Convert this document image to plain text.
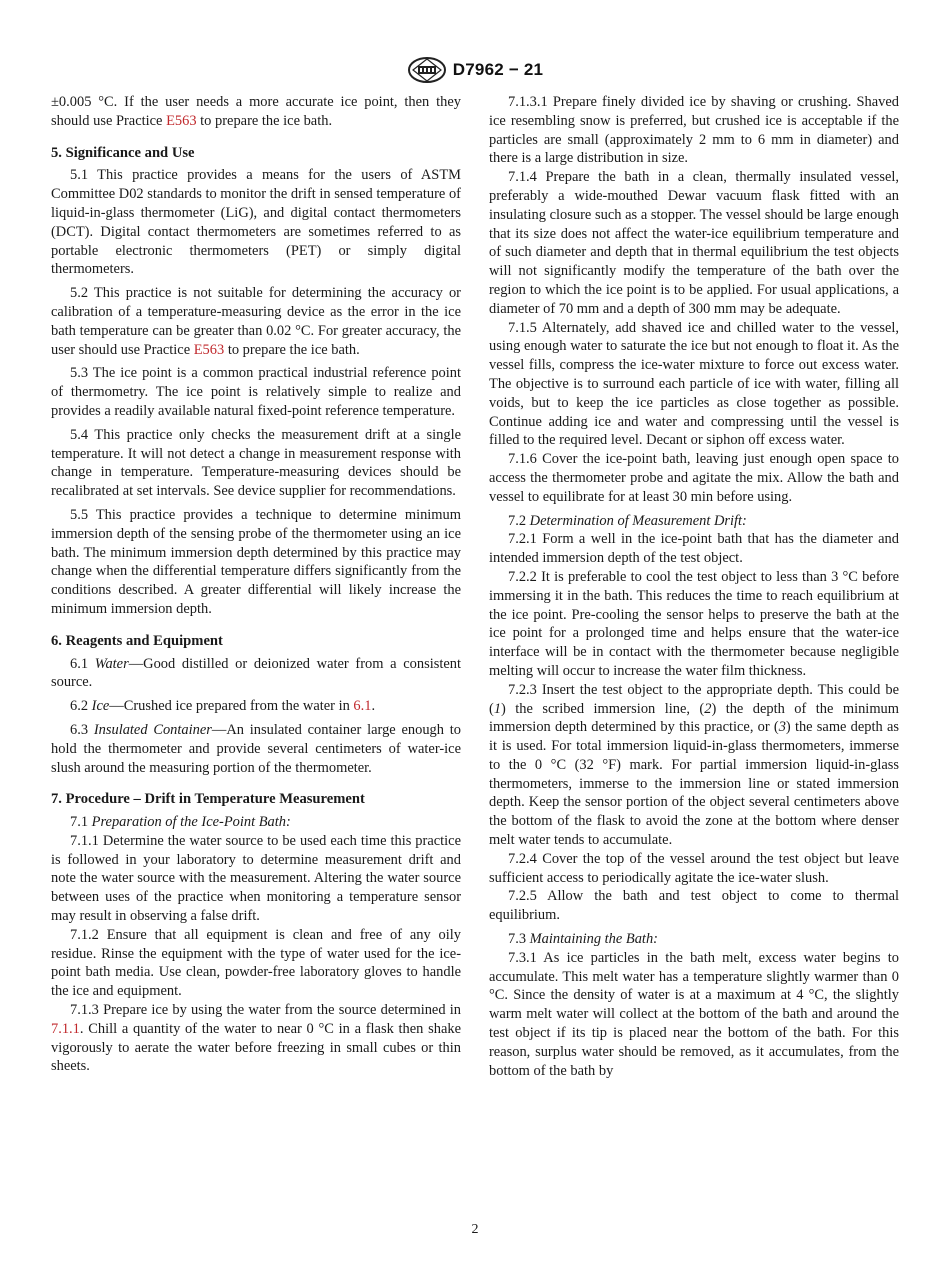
D7962 − 21

±0.005 °C. If the user needs a more accurate ice point, then they should use Practice E563 to prepare the ice bath.

5. Significance and Use

5.1 This practice provides a means for the users of ASTM Committee D02 standards to monitor the drift in sensed temperature of liquid-in-glass thermometer (LiG), and digital contact thermometers (DCT). Digital contact thermometers are sometimes referred to as portable electronic thermometers (PET) or simply digital thermometers.

5.2 This practice is not suitable for determining the accuracy or calibration of a temperature-measuring device as the error in the ice bath temperature can be greater than 0.02 °C. For greater accuracy, the user should use Practice E563 to prepare the ice bath.

5.3 The ice point is a common practical industrial reference point of thermometry. The ice point is relatively simple to realize and provides a readily available natural fixed-point reference temperature.

5.4 This practice only checks the measurement drift at a single temperature. It will not detect a change in measurement response with change in temperature. Temperature-measuring devices should be recalibrated at set intervals. See device supplier for recommendations.

5.5 This practice provides a technique to determine minimum immersion depth of the sensing probe of the thermometer using an ice bath. The minimum immersion depth determined by this practice may change when the differential temperature differs significantly from the conditions described. A greater differential will likely increase the minimum immersion depth.

6. Reagents and Equipment

6.1 Water—Good distilled or deionized water from a consistent source.

6.2 Ice—Crushed ice prepared from the water in 6.1.

6.3 Insulated Container—An insulated container large enough to hold the thermometer and provide several centimeters of water-ice slush around the measuring portion of the thermometer.

7. Procedure – Drift in Temperature Measurement

7.1 Preparation of the Ice-Point Bath:

7.1.1 Determine the water source to be used each time this practice is followed in your laboratory to determine measurement drift and note the water source with the measurement. Altering the water source between uses of the practice when monitoring a temperature sensor may result in observing a false drift.

7.1.2 Ensure that all equipment is clean and free of any oily residue. Rinse the equipment with the type of water used for the ice-point bath media. Use clean, powder-free laboratory gloves to handle the ice and equipment.

7.1.3 Prepare ice by using the water from the source determined in 7.1.1. Chill a quantity of the water to near 0 °C in a flask then shake vigorously to aerate the water before freezing in small cubes or thin sheets.

7.1.3.1 Prepare finely divided ice by shaving or crushing. Shaved ice resembling snow is preferred, but crushed ice is acceptable if the particles are small (approximately 2 mm to 6 mm in diameter) and there is a large distribution in size.

7.1.4 Prepare the bath in a clean, thermally insulated vessel, preferably a wide-mouthed Dewar vacuum flask fitted with an insulating closure such as a stopper. The vessel should be large enough that its size does not affect the water-ice equilibrium temperature and of such diameter and depth that in thermal equilibrium the test objects will not significantly modify the temperature of the bath over the region to which the ice point is to be applied. For usual applications, a diameter of 70 mm and a depth of 300 mm may be adequate.

7.1.5 Alternately, add shaved ice and chilled water to the vessel, using enough water to saturate the ice but not enough to float it. As the vessel fills, compress the ice-water mixture to force out excess water. The objective is to surround each particle of ice with water, filling all voids, but to keep the ice particles as close together as possible. Continue adding ice and water and compressing until the vessel is filled to the required level. Decant or siphon off excess water.

7.1.6 Cover the ice-point bath, leaving just enough open space to access the thermometer probe and agitate the mix. Allow the bath and vessel to equilibrate for at least 30 min before using.

7.2 Determination of Measurement Drift:

7.2.1 Form a well in the ice-point bath that has the diameter and intended immersion depth of the test object.

7.2.2 It is preferable to cool the test object to less than 3 °C before immersing it in the bath. This reduces the time to reach equilibrium at the ice point. Pre-cooling the sensor helps to preserve the bath at the ice point for a prolonged time and helps ensure that the water-ice interface will be in contact with the thermometer because negligible melting will occur to increase the water film thickness.

7.2.3 Insert the test object to the appropriate depth. This could be (1) the scribed immersion line, (2) the depth of the minimum immersion depth determined by this practice, or (3) the same depth as it is used. For total immersion liquid-in-glass thermometers, immerse to the 0 °C (32 °F) mark. For partial immersion liquid-in-glass thermometers, immerse to the immersion line or stated immersion depth. Keep the sensor portion of the object several centimeters above the bottom of the flask to avoid the zone at the bottom where denser melt water tends to accumulate.

7.2.4 Cover the top of the vessel around the test object but leave sufficient access to periodically agitate the ice-water slush.

7.2.5 Allow the bath and test object to come to thermal equilibrium.

7.3 Maintaining the Bath:

7.3.1 As ice particles in the bath melt, excess water begins to accumulate. This melt water has a temperature slightly warmer than 0 °C. Since the density of water is at a maximum at 4 °C, the slightly warm melt water will collect at the bottom of the bath and around the test object if its tip is placed near the bottom of the bath. For this reason, surplus water should be removed, as it accumulates, from the bottom of the bath by

2
